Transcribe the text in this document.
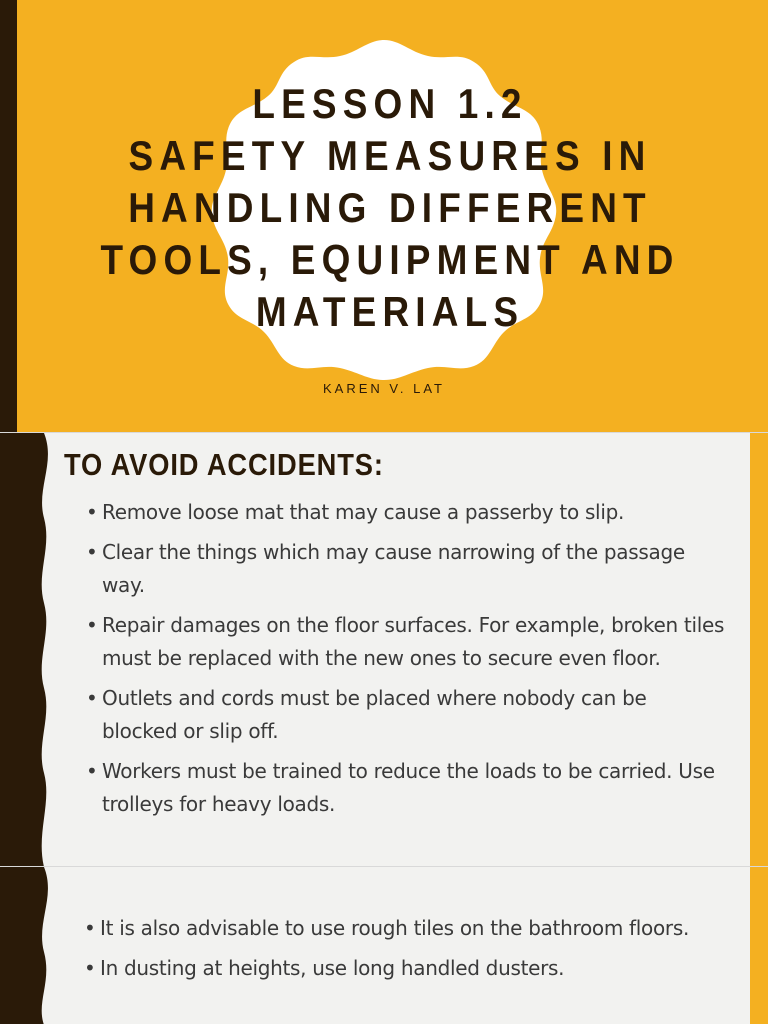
LESSON 1.2
SAFETY MEASURES IN
HANDLING DIFFERENT
TOOLS, EQUIPMENT AND
MATERIALS
KAREN V. LAT
TO AVOID ACCIDENTS:
• Remove loose mat that may cause a passerby to slip.
• Clear the things which may cause narrowing of the passage way.
• Repair damages on the floor surfaces. For example, broken tiles must be replaced with the new ones to secure even floor.
• Outlets and cords must be placed where nobody can be blocked or slip off.
• Workers must be trained to reduce the loads to be carried. Use trolleys for heavy loads.
• It is also advisable to use rough tiles on the bathroom floors.
• In dusting at heights, use long handled dusters.
